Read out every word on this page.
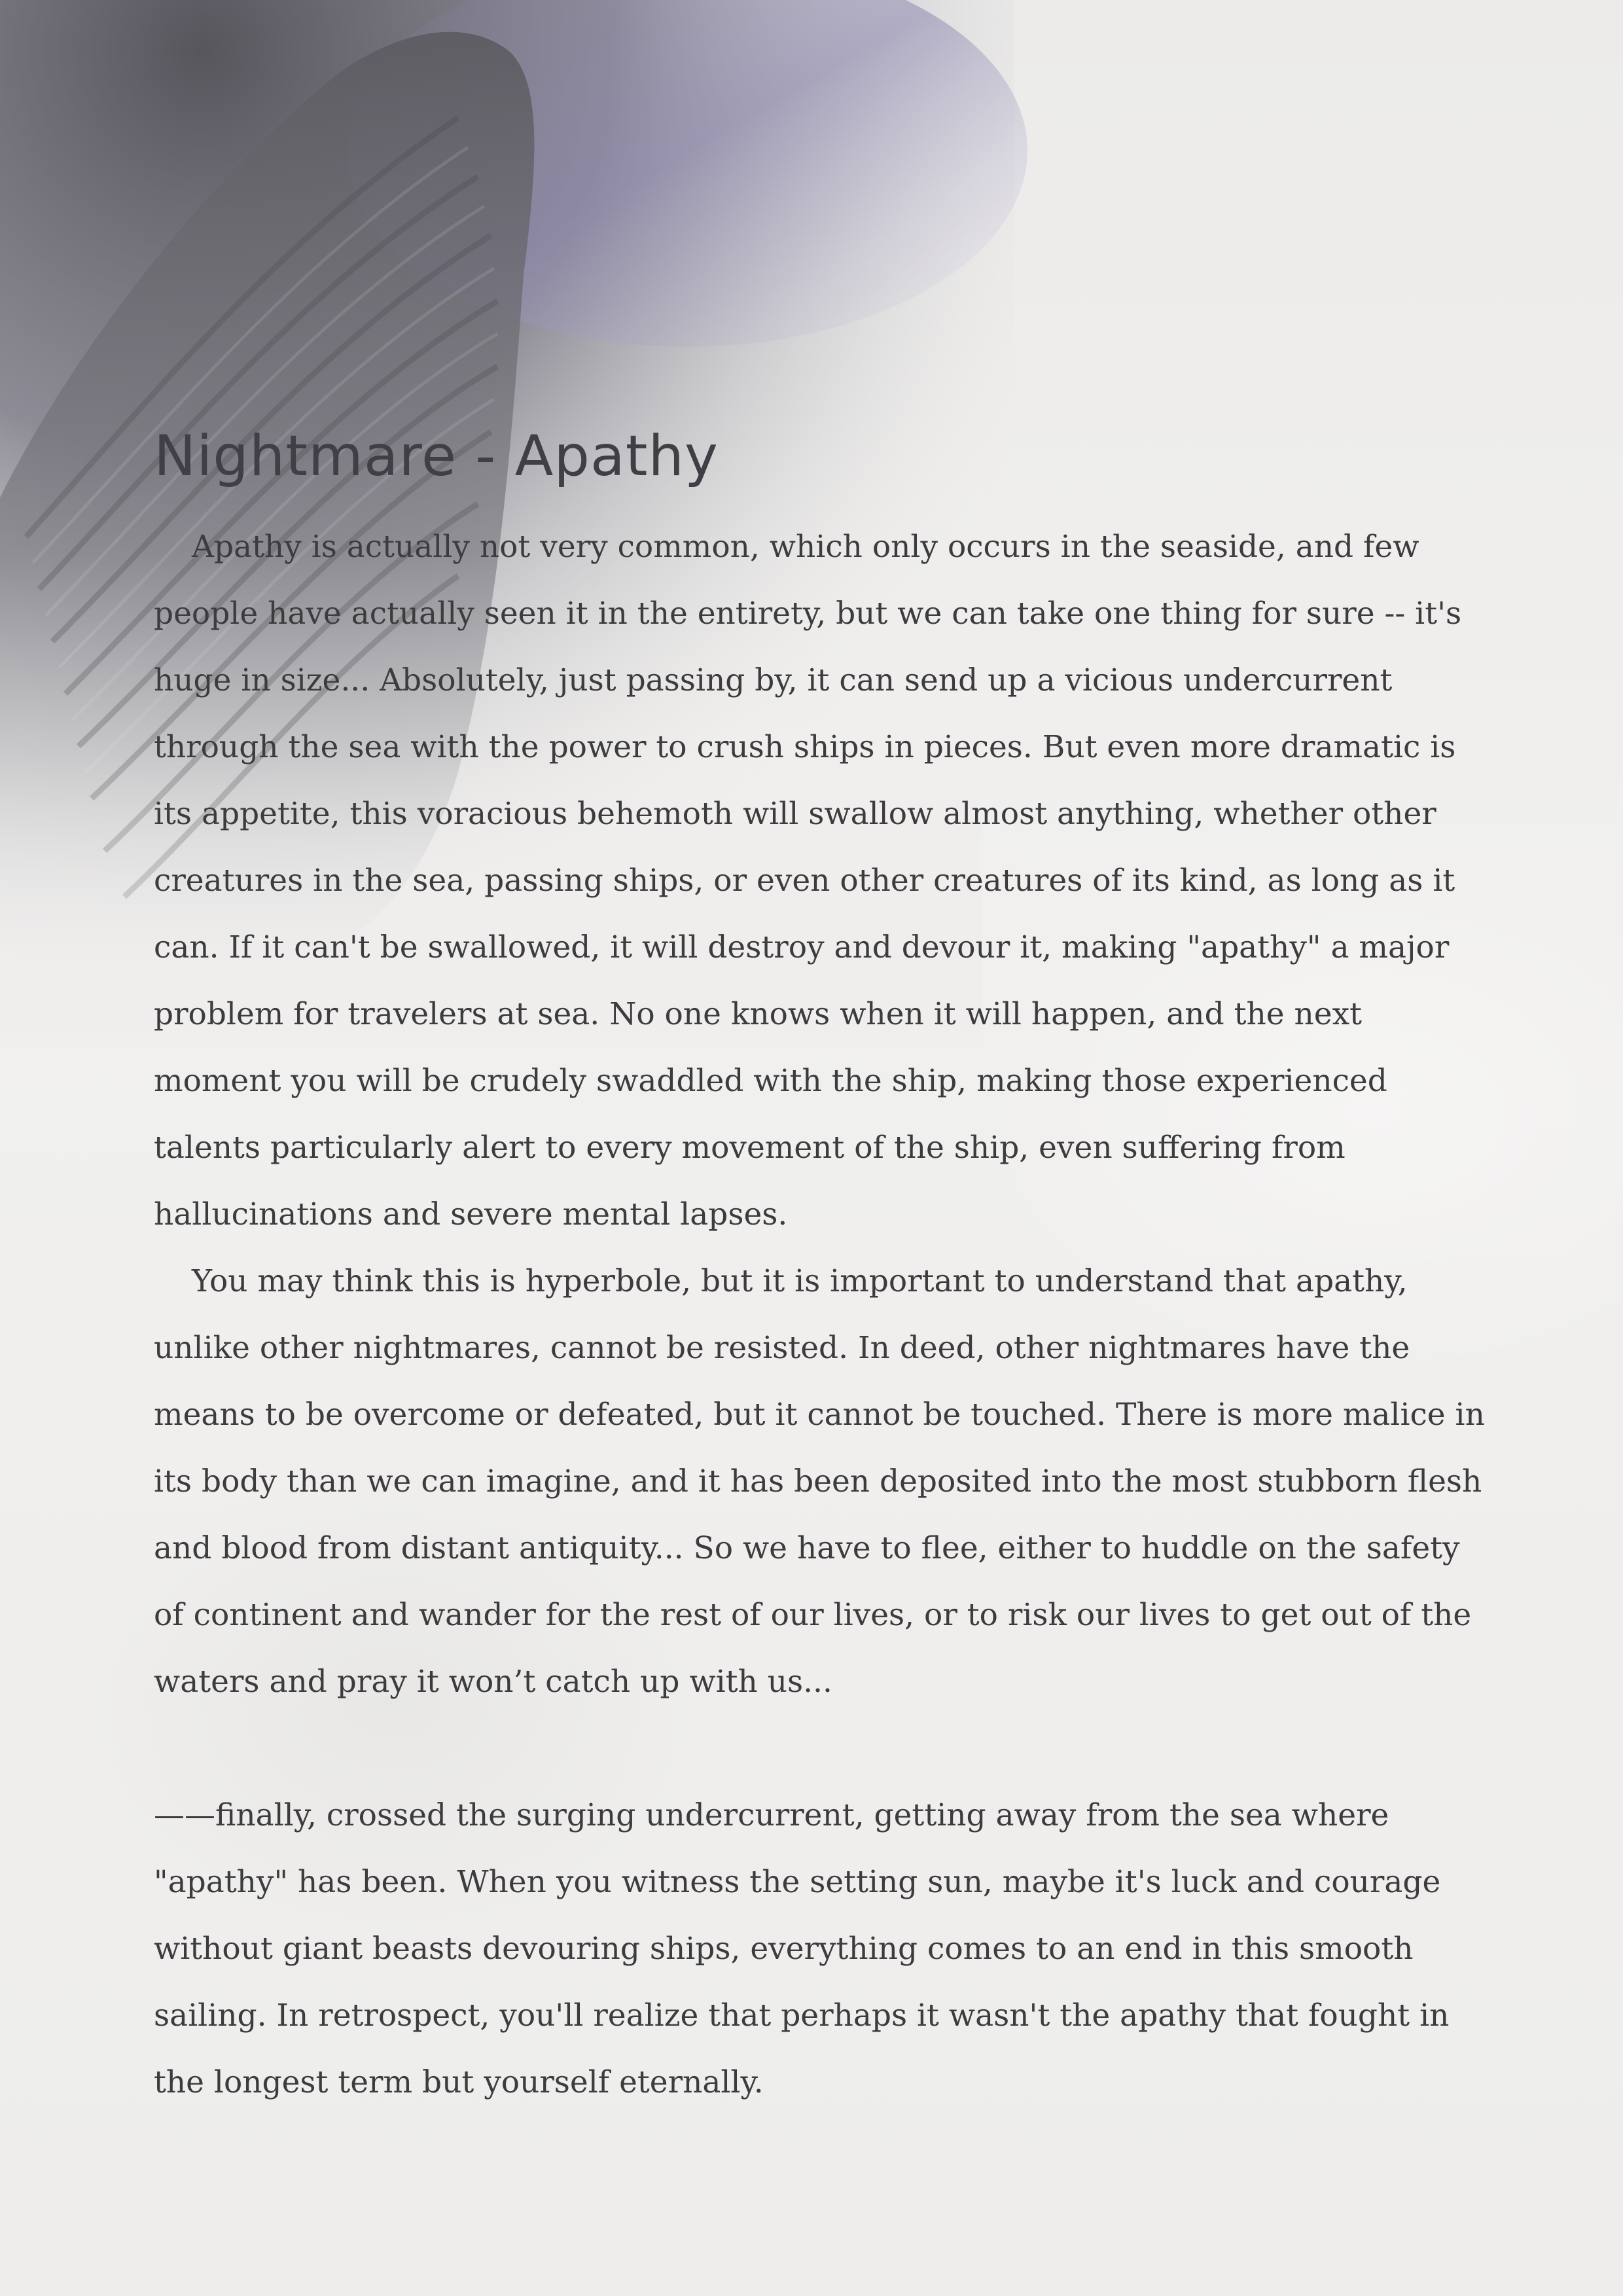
Nightmare - Apathy

Apathy is actually not very common, which only occurs in the seaside, and few people have actually seen it in the entirety, but we can take one thing for sure -- it's huge in size... Absolutely, just passing by, it can send up a vicious undercurrent through the sea with the power to crush ships in pieces. But even more dramatic is its appetite, this voracious behemoth will swallow almost anything, whether other creatures in the sea, passing ships, or even other creatures of its kind, as long as it can. If it can't be swallowed, it will destroy and devour it, making "apathy" a major problem for travelers at sea. No one knows when it will happen, and the next moment you will be crudely swaddled with the ship, making those experienced talents particularly alert to every movement of the ship, even suffering from hallucinations and severe mental lapses.

You may think this is hyperbole, but it is important to understand that apathy, unlike other nightmares, cannot be resisted. In deed, other nightmares have the means to be overcome or defeated, but it cannot be touched. There is more malice in its body than we can imagine, and it has been deposited into the most stubborn flesh and blood from distant antiquity... So we have to flee, either to huddle on the safety of continent and wander for the rest of our lives, or to risk our lives to get out of the waters and pray it won’t catch up with us...

——finally, crossed the surging undercurrent, getting away from the sea where "apathy" has been. When you witness the setting sun, maybe it's luck and courage without giant beasts devouring ships, everything comes to an end in this smooth sailing. In retrospect, you'll realize that perhaps it wasn't the apathy that fought in the longest term but yourself eternally.
